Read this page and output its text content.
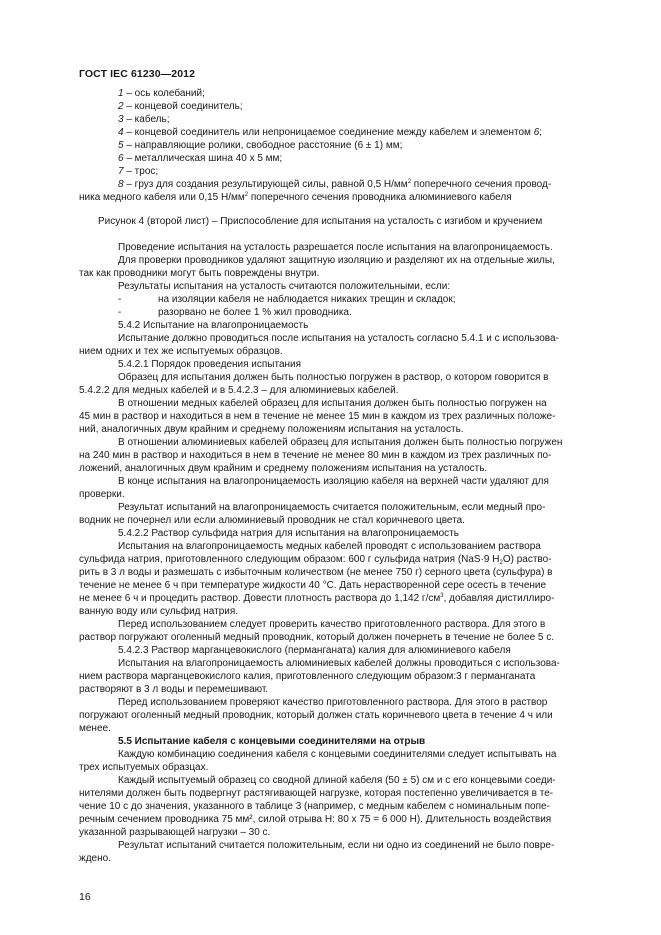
ГОСТ IEC 61230—2012
1 – ось колебаний;
2 – концевой соединитель;
3 – кабель;
4 – концевой соединитель или непроницаемое соединение между кабелем и элементом 6;
5 – направляющие ролики, свободное расстояние (6 ± 1) мм;
6 – металлическая шина 40 х 5 мм;
7 – трос;
8 – груз для создания результирующей силы, равной 0,5 $Н/мм^2$ поперечного сечения провод-
ника медного кабеля или 0,15 $Н/мм^2$ поперечного сечения проводника алюминиевого кабеля
Рисунок 4 (второй лист) – Приспособление для испытания на усталость с изгибом и кручением
Проведение испытания на усталость разрешается после испытания на влагопроницаемость.
Для проверки проводников удаляют защитную изоляцию и разделяют их на отдельные жилы,
так как проводники могут быть повреждены внутри.
Результаты испытания на усталость считаются положительными, если:
-	на изоляции кабеля не наблюдается никаких трещин и складок;
-	разорвано не более 1 % жил проводника.
5.4.2 Испытание на влагопроницаемость
Испытание должно проводиться после испытания на усталость согласно 5.4.1 и с использова-
нием одних и тех же испытуемых образцов.
5.4.2.1 Порядок проведения испытания
Образец для испытания должен быть полностью погружен в раствор, о котором говорится в
5.4.2.2 для медных кабелей и в 5.4.2.3 – для алюминиевых кабелей.
В отношении медных кабелей образец для испытания должен быть полностью погружен на
45 мин в раствор и находиться в нем в течение не менее 15 мин в каждом из трех различных положе-
ний, аналогичных двум крайним и среднему положениям испытания на усталость.
В отношении алюминиевых кабелей образец для испытания должен быть полностью погружен
на 240 мин в раствор и находиться в нем в течение не менее 80 мин в каждом из трех различных по-
ложений, аналогичных двум крайним и среднему положениям испытания на усталость.
В конце испытания на влагопроницаемость изоляцию кабеля на верхней части удаляют для
проверки.
Результат испытаний на влагопроницаемость считается положительным, если медный про-
водник не почернел или если алюминиевый проводник не стал коричневого цвета.
5.4.2.2 Раствор сульфида натрия для испытания на влагопроницаемость
Испытания на влагопроницаемость медных кабелей проводят с использованием раствора
сульфида натрия, приготовленного следующим образом: 600 г сульфида натрия (NaS·9 $H_2O$) раство-
рить в 3 л воды и размешать с избыточным количеством (не менее 750 г) серного цвета (сульфура) в
течение не менее 6 ч при температуре жидкости 40 °С. Дать нерастворенной сере осесть в течение
не менее 6 ч и процедить раствор. Довести плотность раствора до 1,142 $г/см^3$, добавляя дистиллиро-
ванную воду или сульфид натрия.
Перед использованием следует проверить качество приготовленного раствора. Для этого в
раствор погружают оголенный медный проводник, который должен почернеть в течение не более 5 с.
5.4.2.3 Раствор марганцевокислого (перманганата) калия для алюминиевого кабеля
Испытания на влагопроницаемость алюминиевых кабелей должны проводиться с использова-
нием раствора марганцевокислого калия, приготовленного следующим образом:3 г перманганата
растворяют в 3 л воды и перемешивают.
Перед использованием проверяют качество приготовленного раствора. Для этого в раствор
погружают оголенный медный проводник, который должен стать коричневого цвета в течение 4 ч или
менее.
5.5 Испытание кабеля с концевыми соединителями на отрыв
Каждую комбинацию соединения кабеля с концевыми соединителями следует испытывать на
трех испытуемых образцах.
Каждый испытуемый образец со сводной длиной кабеля (50 ± 5) см и с его концевыми соеди-
нителями должен быть подвергнут растягивающей нагрузке, которая постепенно увеличивается в те-
чение 10 с до значения, указанного в таблице 3 (например, с медным кабелем с номинальным попе-
речным сечением проводника 75 мм², силой отрыва Н: 80 х 75 = 6 000 Н). Длительность воздействия
указанной разрывающей нагрузки – 30 с.
Результат испытаний считается положительным, если ни одно из соединений не было повре-
ждено.
16
